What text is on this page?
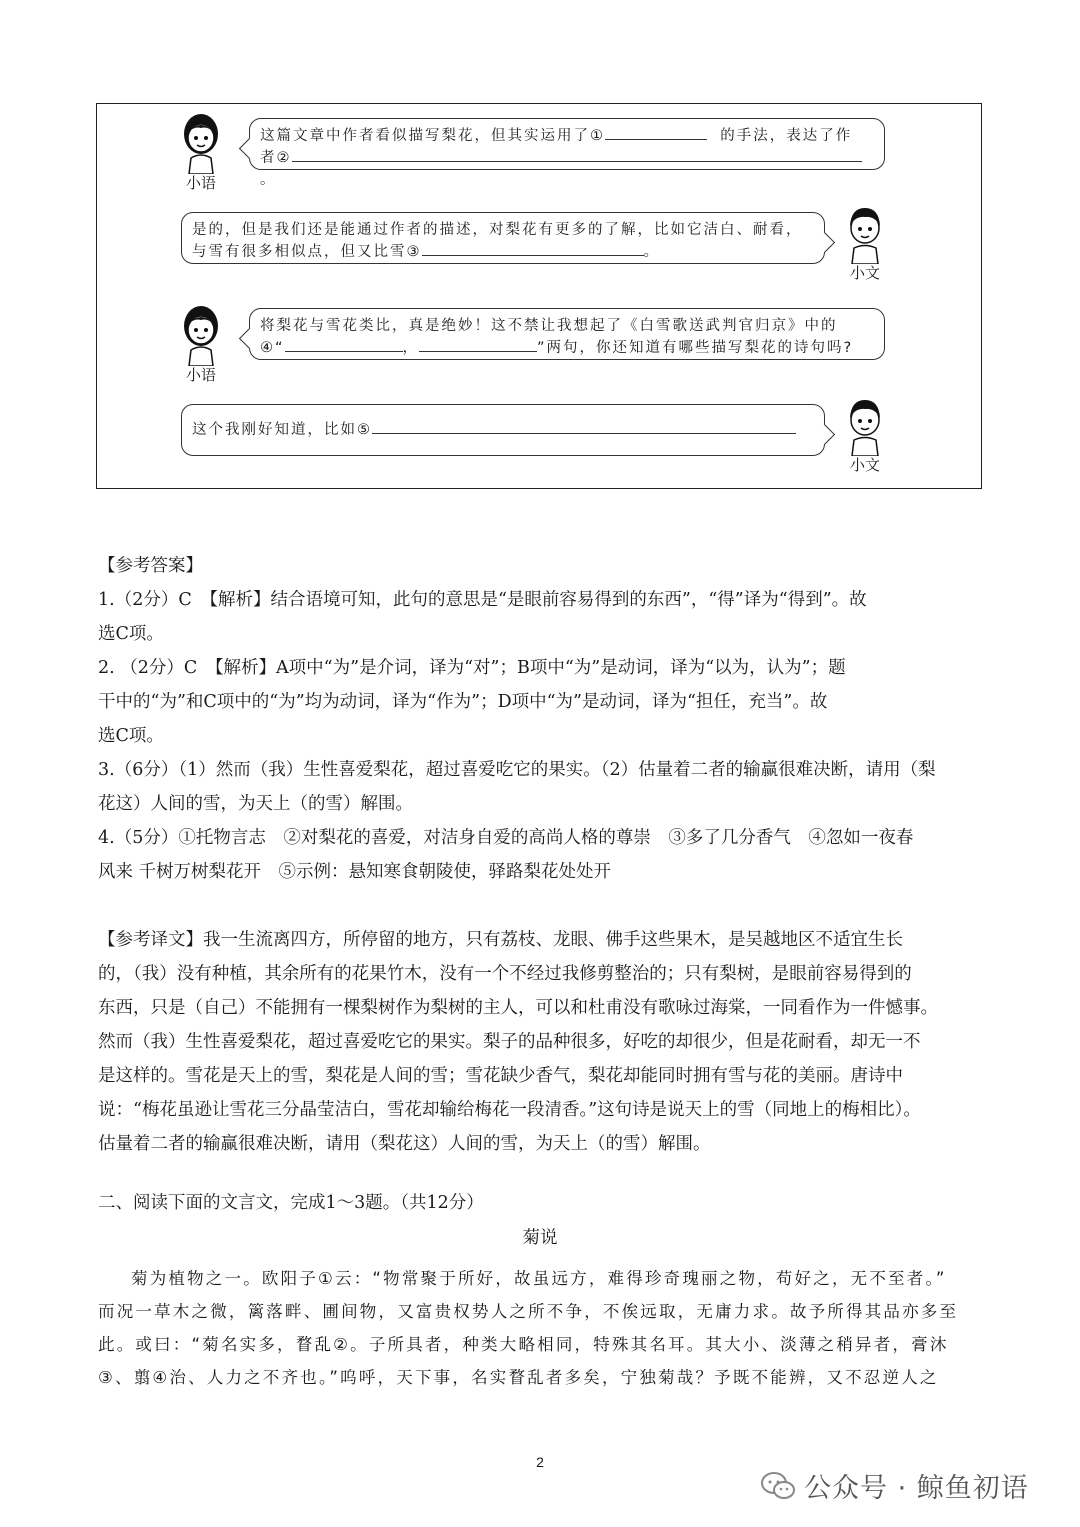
小语
这篇文章中作者看似描写梨花，但其实运用了①	的手法，表达了作
者②。
是的，但是我们还是能通过作者的描述，对梨花有更多的了解，比如它洁白、耐看，
与雪有很多相似点，但又比雪③	。
小文
小语
将梨花与雪花类比，真是绝妙！这不禁让我想起了《白雪歌送武判官归京》中的
④“	，	”两句，你还知道有哪些描写梨花的诗句吗?
这个我刚好知道，比如⑤
小文

【参考答案】

1.（2分）C　【解析】结合语境可知，此句的意思是“是眼前容易得到的东西”，“得”译为“得到”。故

选C项。

2. （2分）C　【解析】A项中“为”是介词，译为“对”；B项中“为”是动词，译为“以为，认为”；题

干中的“为”和C项中的“为”均为动词，译为“作为”；D项中“为”是动词，译为“担任，充当”。故

选C项。

3.（6分）（1）然而（我）生性喜爱梨花，超过喜爱吃它的果实。（2）估量着二者的输赢很难决断，请用（梨

花这）人间的雪，为天上（的雪）解围。

4.（5分）①托物言志　②对梨花的喜爱，对洁身自爱的高尚人格的尊崇　③多了几分香气　④忽如一夜春

风来 千树万树梨花开　⑤示例：悬知寒食朝陵使，驿路梨花处处开

【参考译文】我一生流离四方，所停留的地方，只有荔枝、龙眼、佛手这些果木，是吴越地区不适宜生长

的，（我）没有种植，其余所有的花果竹木，没有一个不经过我修剪整治的；只有梨树，是眼前容易得到的

东西，只是（自己）不能拥有一棵梨树作为梨树的主人，可以和杜甫没有歌咏过海棠，一同看作为一件憾事。

然而（我）生性喜爱梨花，超过喜爱吃它的果实。梨子的品种很多，好吃的却很少，但是花耐看，却无一不

是这样的。雪花是天上的雪，梨花是人间的雪；雪花缺少香气，梨花却能同时拥有雪与花的美丽。唐诗中

说：“梅花虽逊让雪花三分晶莹洁白，雪花却输给梅花一段清香。”这句诗是说天上的雪（同地上的梅相比）。

估量着二者的输赢很难决断，请用（梨花这）人间的雪，为天上（的雪）解围。

二、阅读下面的文言文，完成1～3题。（共12分）
菊说

菊为植物之一。欧阳子①云：“物常聚于所好，故虽远方，难得珍奇瑰丽之物，苟好之，无不至者。”

而况一草木之微，篱落畔、圃间物，又富贵权势人之所不争，不俟远取，无庸力求。故予所得其品亦多至

此。或曰：“菊名实多，瞀乱②。子所具者，种类大略相同，特殊其名耳。其大小、淡薄之稍异者，膏沐

③、翦④治、人力之不齐也。”呜呼，天下事，名实瞀乱者多矣，宁独菊哉？予既不能辨，又不忍逆人之

2
公众号 · 鲸鱼初语
